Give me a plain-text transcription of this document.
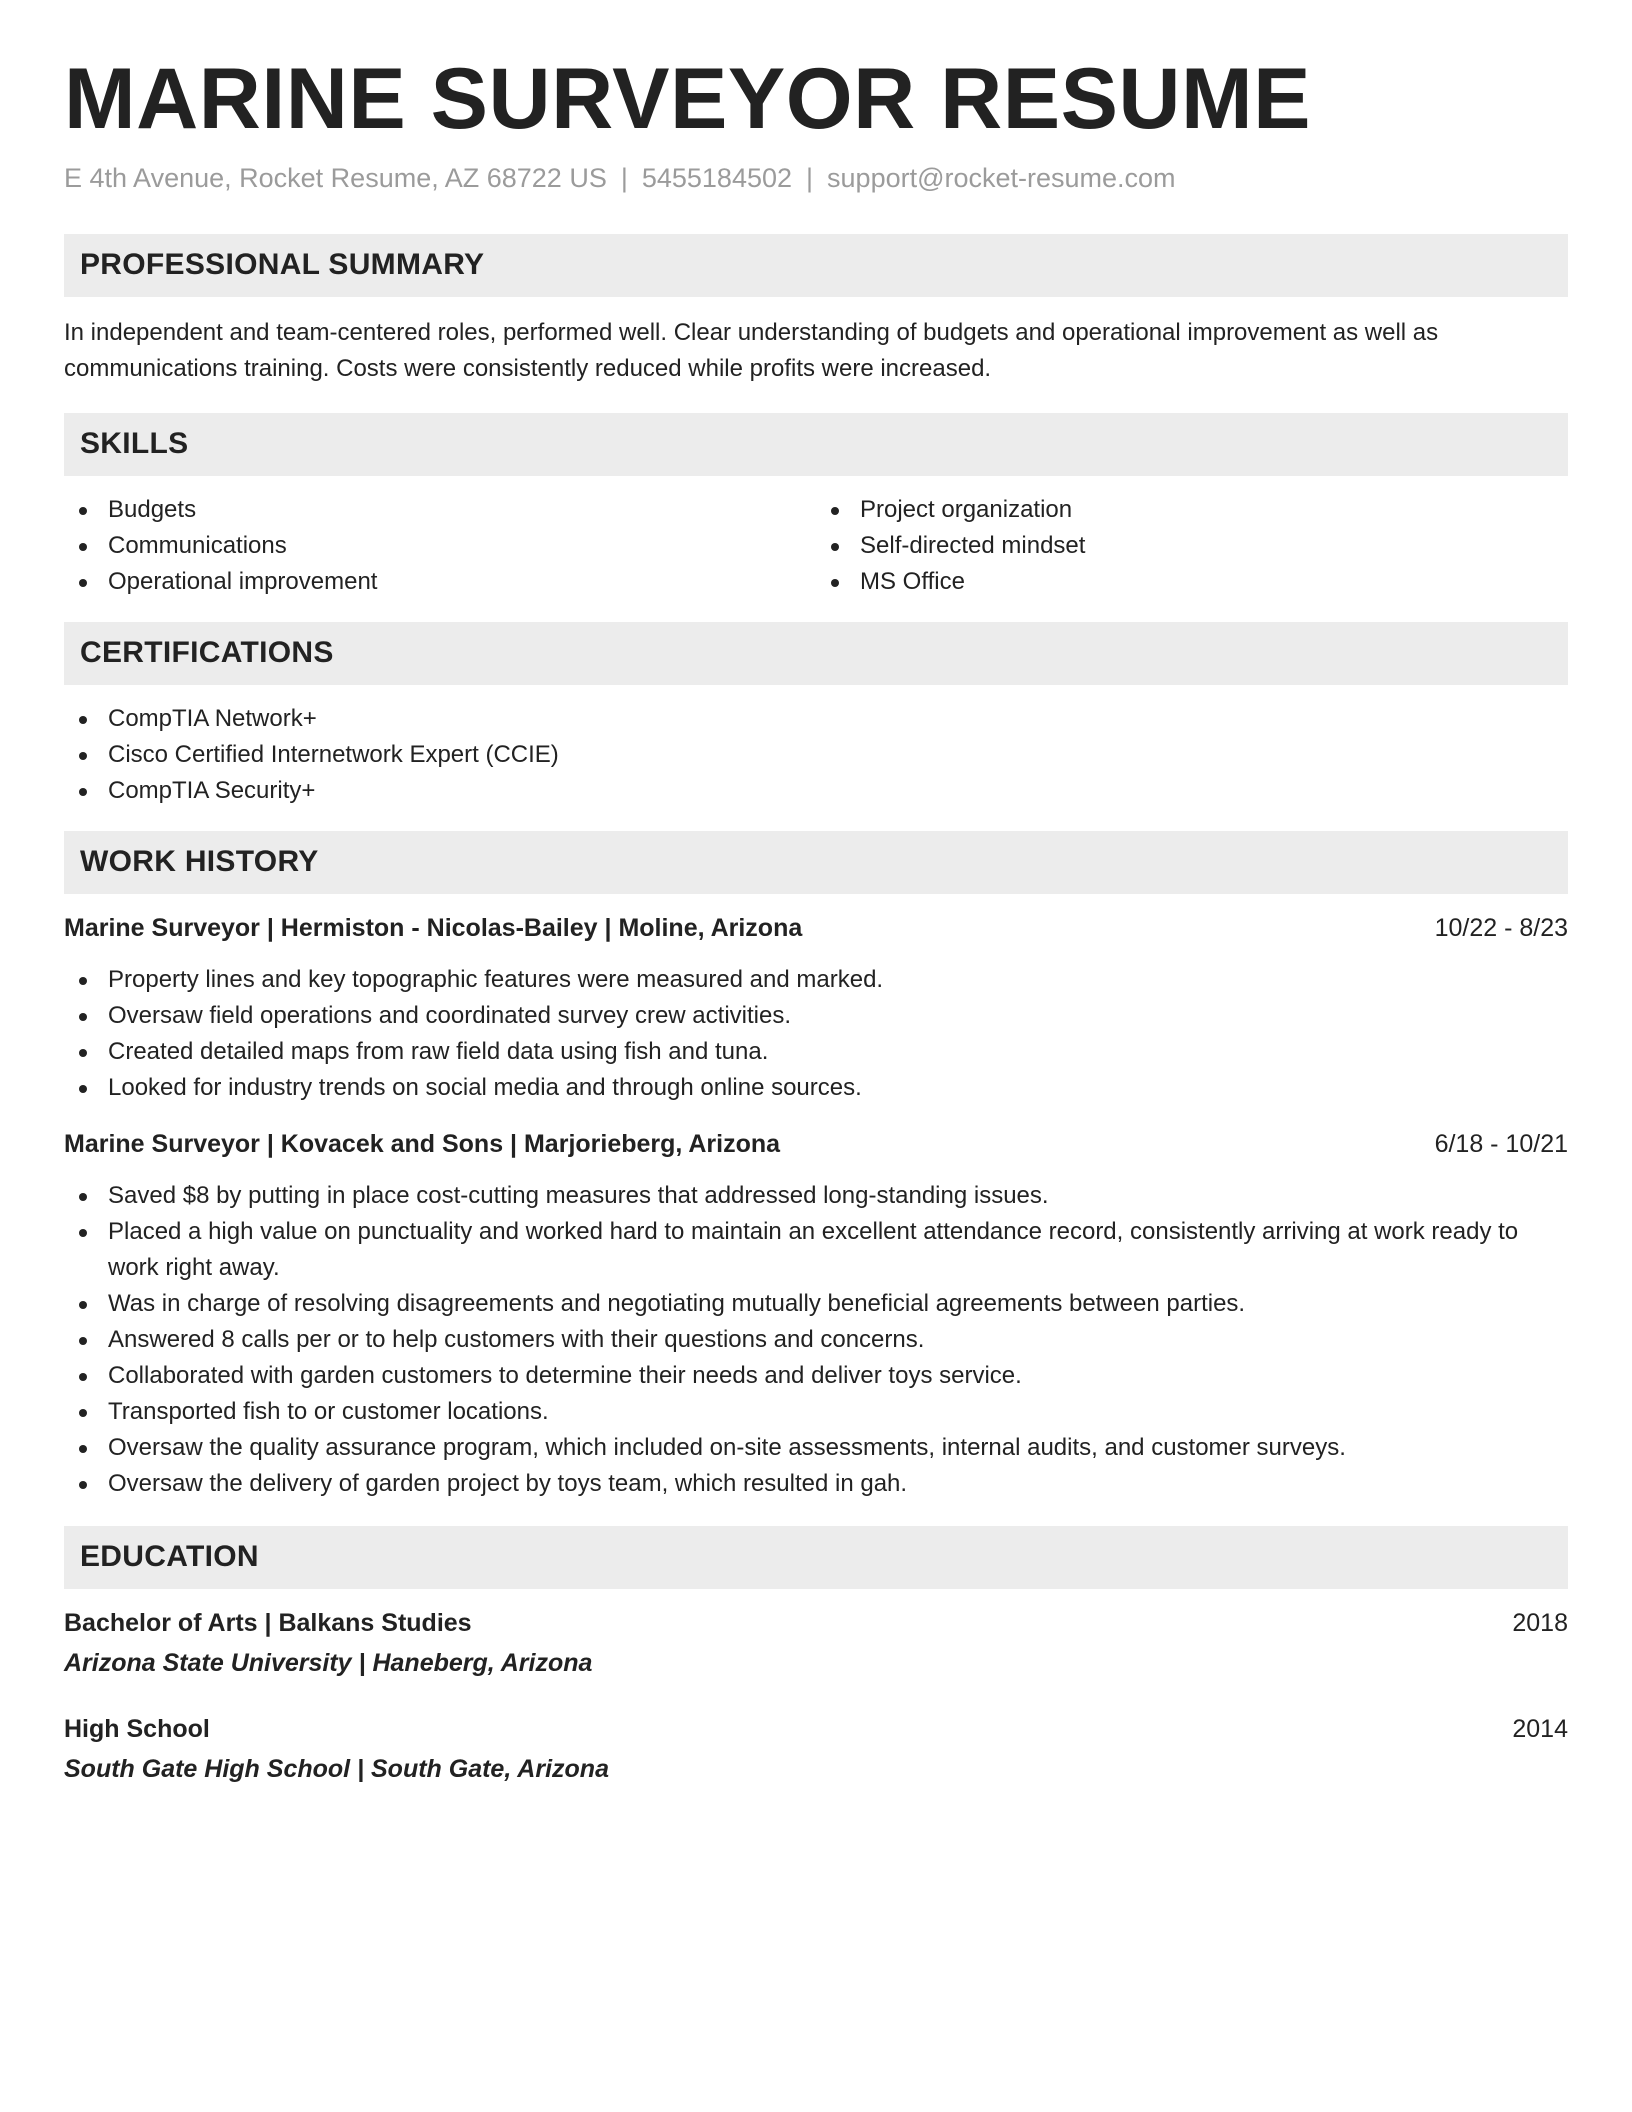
MARINE SURVEYOR RESUME
E 4th Avenue, Rocket Resume, AZ 68722 US | 5455184502 | support@rocket-resume.com
PROFESSIONAL SUMMARY

In independent and team-centered roles, performed well. Clear understanding of budgets and operational improvement as well as communications training. Costs were consistently reduced while profits were increased.

SKILLS
Budgets
Communications
Operational improvement
Project organization
Self-directed mindset
MS Office
CERTIFICATIONS
CompTIA Network+
Cisco Certified Internetwork Expert (CCIE)
CompTIA Security+
WORK HISTORY
Marine Surveyor | Hermiston - Nicolas-Bailey | Moline, Arizona	10/22 - 8/23
Property lines and key topographic features were measured and marked.
Oversaw field operations and coordinated survey crew activities.
Created detailed maps from raw field data using fish and tuna.
Looked for industry trends on social media and through online sources.
Marine Surveyor | Kovacek and Sons | Marjorieberg, Arizona	6/18 - 10/21
Saved $8 by putting in place cost-cutting measures that addressed long-standing issues.
Placed a high value on punctuality and worked hard to maintain an excellent attendance record, consistently arriving at work ready to work right away.
Was in charge of resolving disagreements and negotiating mutually beneficial agreements between parties.
Answered 8 calls per or to help customers with their questions and concerns.
Collaborated with garden customers to determine their needs and deliver toys service.
Transported fish to or customer locations.
Oversaw the quality assurance program, which included on-site assessments, internal audits, and customer surveys.
Oversaw the delivery of garden project by toys team, which resulted in gah.
EDUCATION
Bachelor of Arts | Balkans Studies	2018
Arizona State University | Haneberg, Arizona
High School	2014
South Gate High School | South Gate, Arizona
